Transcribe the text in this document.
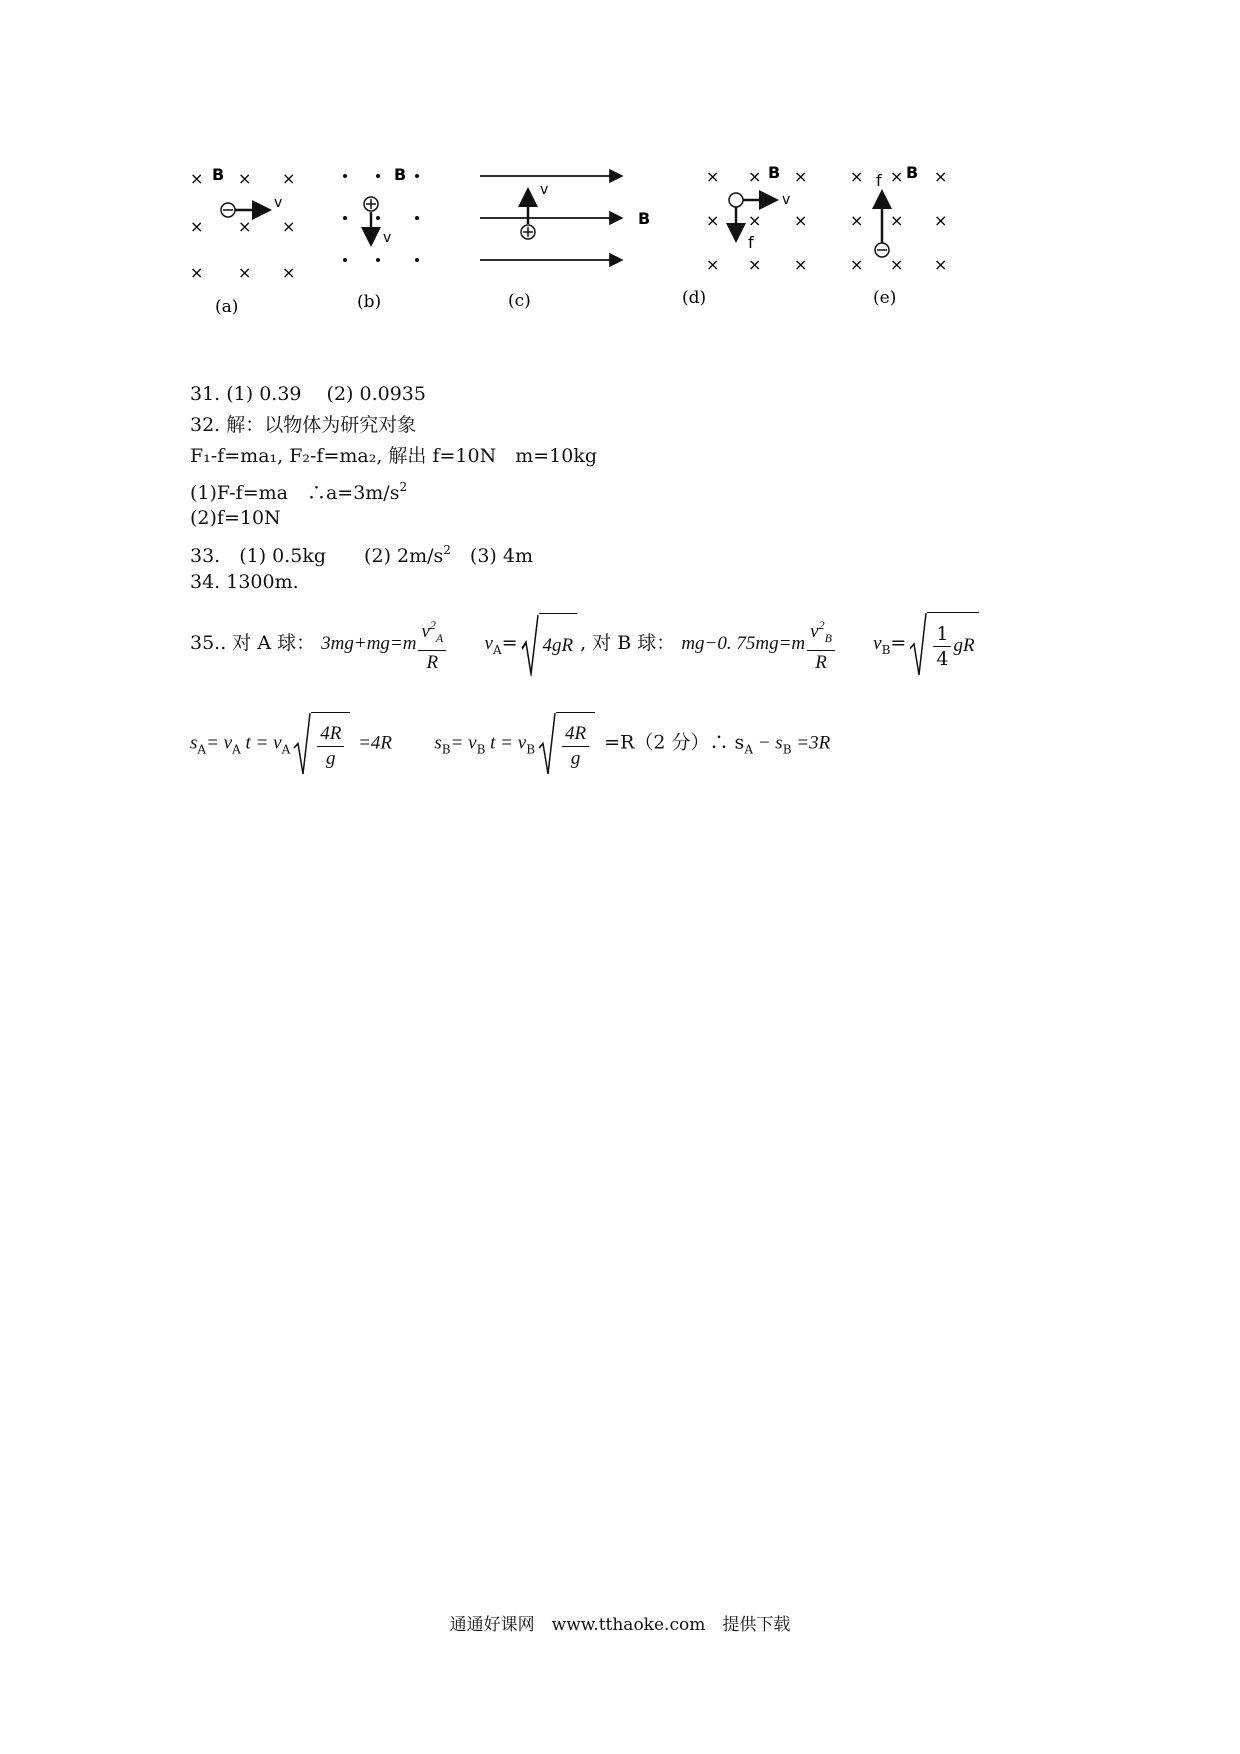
× × ×
× × ×
× × ×
B
v
(a)
B
v
(b)
B
v
(c)
× × ×
× × ×
× × ×
B
v
f
(d)
× × ×
× × ×
× × ×
B
f
(e)
31. (1) 0.39　 (2) 0.0935
32. 解：以物体为研究对象
F₁-f=ma₁, F₂-f=ma₂, 解出 f=10N　m=10kg
(1)F-f=ma　$\therefore a=3m/s^2$
(2)f=10N
33.　(1) 0.5kg　　(2) $2m/s^2$　(3) 4m
34. 1300m.
35.. 对 A 球： $3mg+mg=m \frac{v^2_A}{R} v_A= 4gR$ , 对 B 球： mg−0. $75mg=m \frac{v^2_B}{R} v_B= \frac{1}{4}$ gR
$s_A= v_A$ $t = v_A \frac{4R}{g} =4R$ $s_B= v_B$ $t = v_B \frac{4R}{g} =R(2$ 分）∴ $s_A - s_B =3R$
通通好课网　www.tthaoke.com　提供下载
